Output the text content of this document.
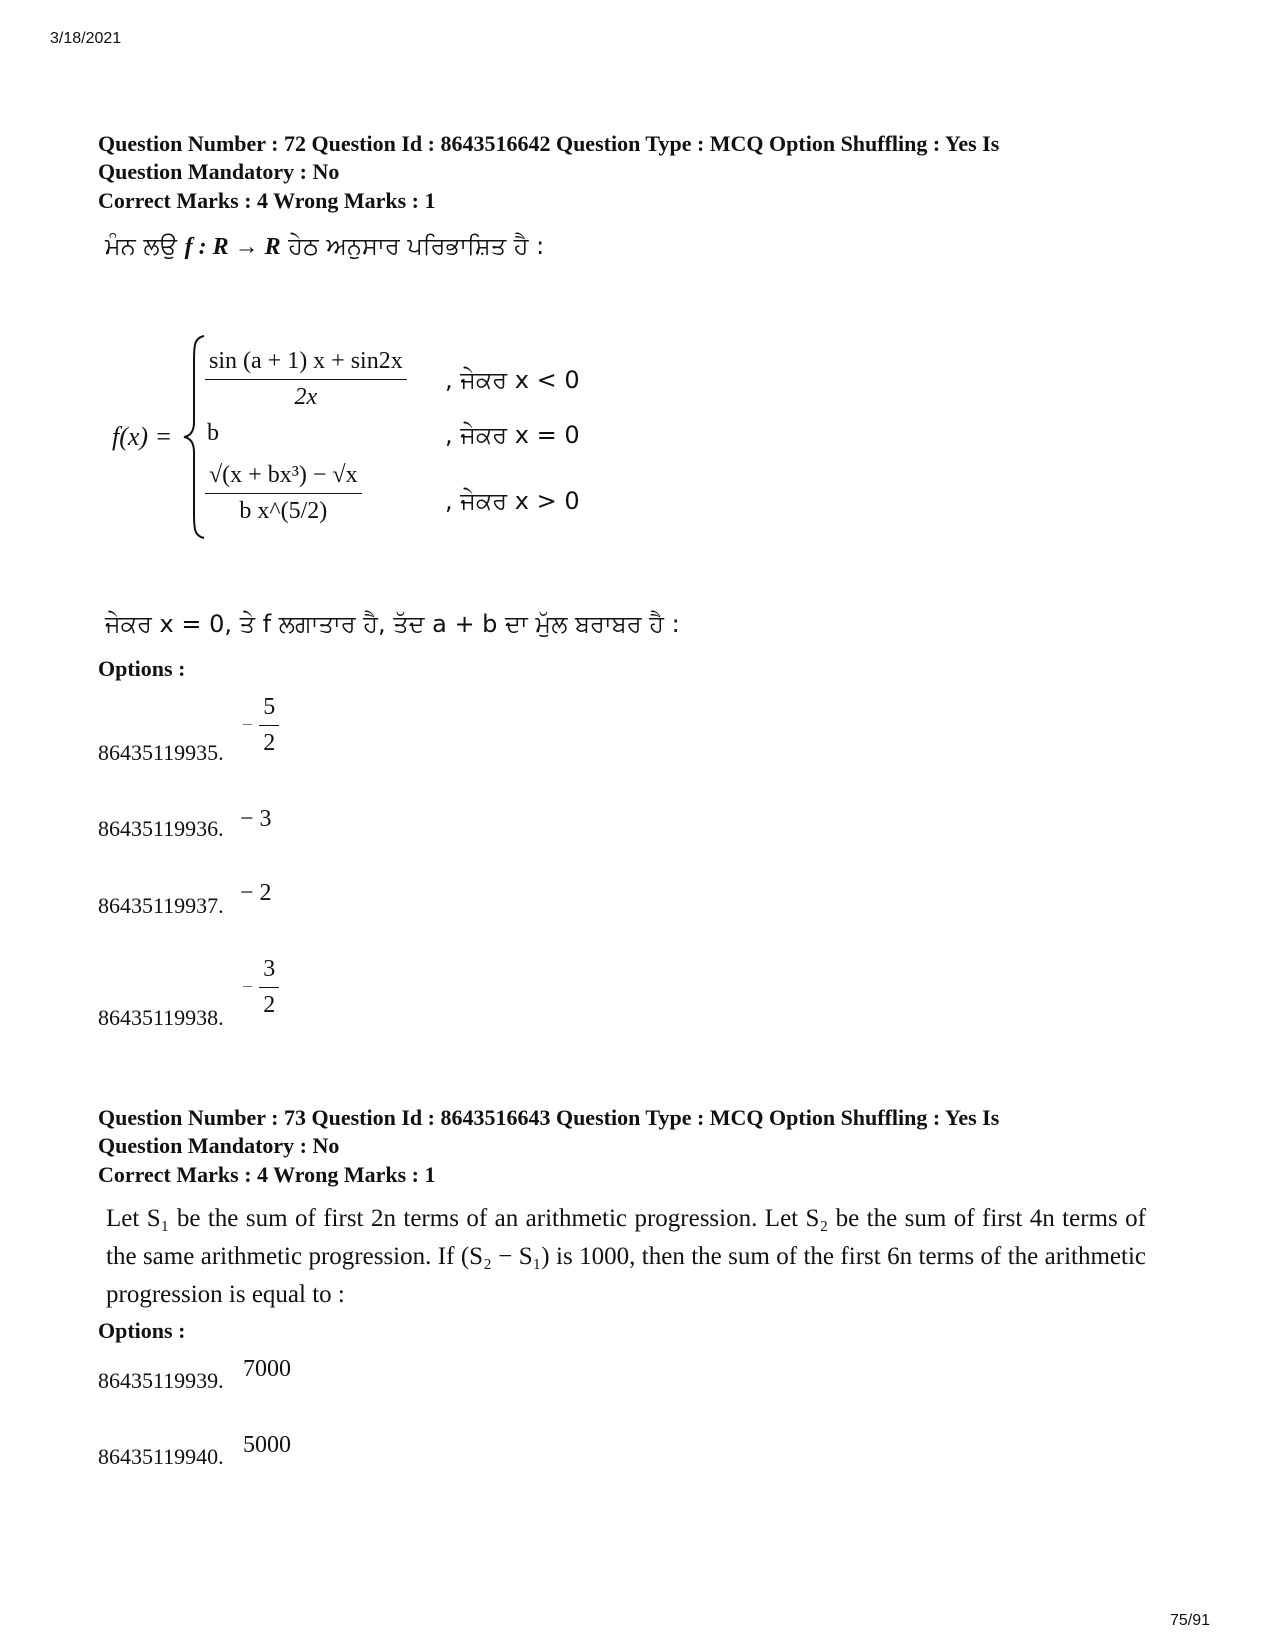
3/18/2021
Question Number : 72 Question Id : 8643516642 Question Type : MCQ Option Shuffling : Yes Is
Question Mandatory : No
Correct Marks : 4 Wrong Marks : 1
ਮੰਨ ਲਉ f : R → R ਹੇਠ ਅਨੁਸਾਰ ਪਰਿਭਾਸ਼ਿਤ ਹੈ :
f(x) =
$\frac{\sin (a + 1) x + \sin 2x}{2x}$ , ਜੇਕਰ x < 0
b	, ਜੇਕਰ x = 0
$\frac{\text{√(x + bx³) − √x}}{\text{b x\textasciicircum{}(5/2)}}$	, ਜੇਕਰ x > 0
ਜੇਕਰ x = 0, ਤੇ f ਲਗਾਤਾਰ ਹੈ, ਤੱਦ a + b ਦਾ ਮੁੱਲ ਬਰਾਬਰ ਹੈ :
Options :
86435119935.
− $\frac{5}{2}$
86435119936. − 3
86435119937. − 2
86435119938.
− $\frac{3}{2}$
Question Number : 73 Question Id : 8643516643 Question Type : MCQ Option Shuffling : Yes Is
Question Mandatory : No
Correct Marks : 4 Wrong Marks : 1
Let S₁ be the sum of first 2n terms of an arithmetic progression. Let S₂ be the sum of first 4n terms of the same arithmetic progression. If (S₂ − S₁) is 1000, then the sum of the first 6n terms of the arithmetic progression is equal to :
Options :
86435119939. 7000
86435119940. 5000
75/91
